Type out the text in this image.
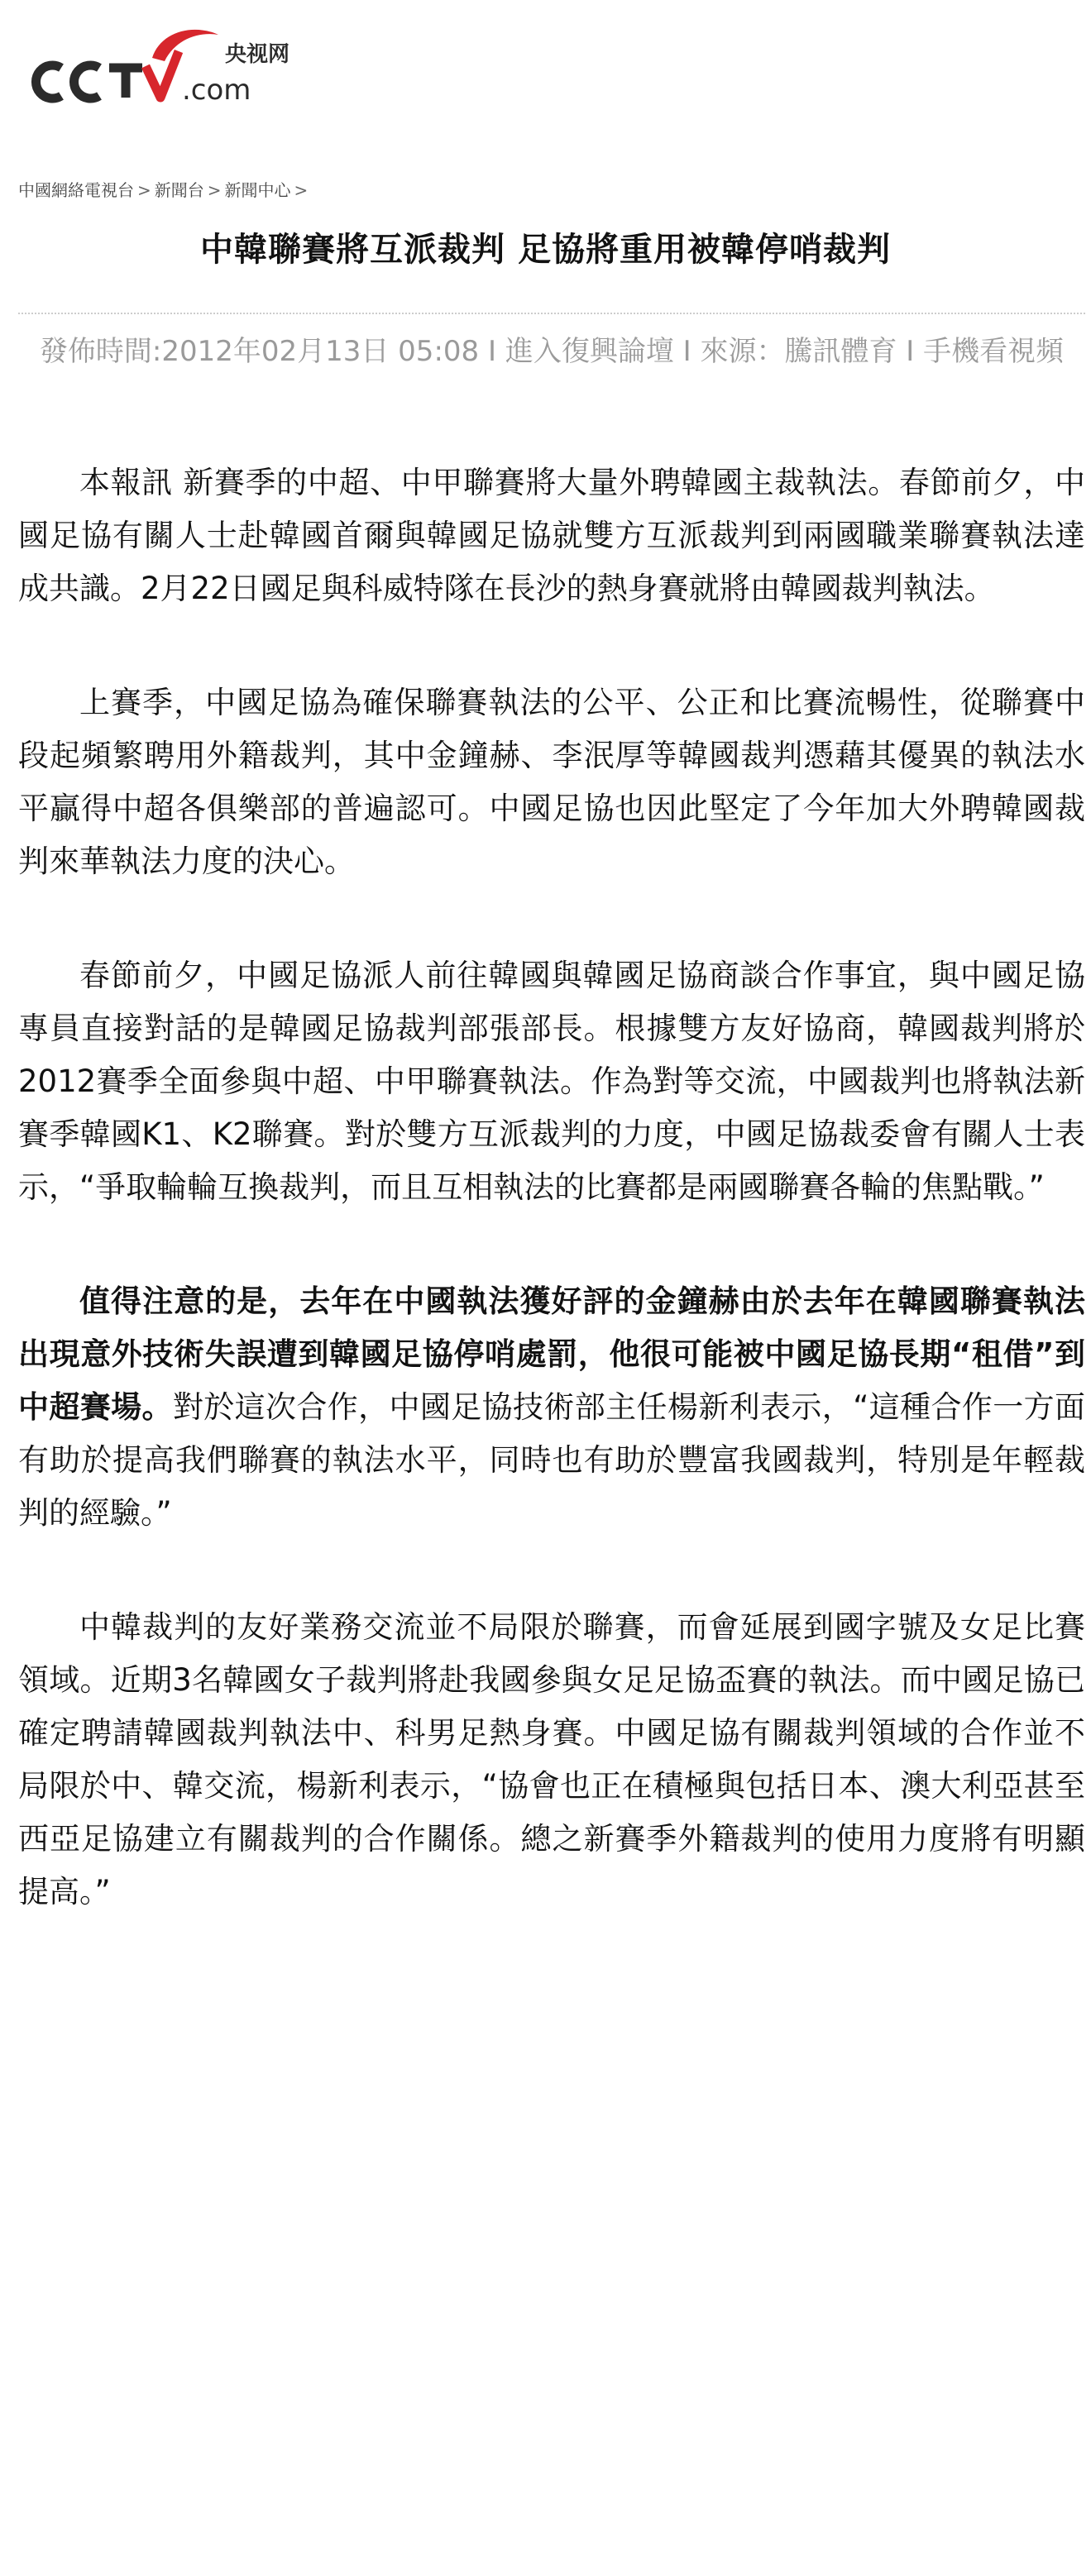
.com
央视网
中國網絡電視台 > 新聞台 > 新聞中心 >
中韓聯賽將互派裁判 足協將重用被韓停哨裁判
發佈時間:2012年02月13日 05:08 I 進入復興論壇 I 來源：騰訊體育 I 手機看視頻

本報訊 新賽季的中超、中甲聯賽將大量外聘韓國主裁執法。春節前夕，中國足協有關人士赴韓國首爾與韓國足協就雙方互派裁判到兩國職業聯賽執法達成共識。2月22日國足與科威特隊在長沙的熱身賽就將由韓國裁判執法。

上賽季，中國足協為確保聯賽執法的公平、公正和比賽流暢性，從聯賽中段起頻繁聘用外籍裁判，其中金鐘赫、李泯厚等韓國裁判憑藉其優異的執法水平贏得中超各俱樂部的普遍認可。中國足協也因此堅定了今年加大外聘韓國裁判來華執法力度的決心。

春節前夕，中國足協派人前往韓國與韓國足協商談合作事宜，與中國足協專員直接對話的是韓國足協裁判部張部長。根據雙方友好協商，韓國裁判將於2012賽季全面參與中超、中甲聯賽執法。作為對等交流，中國裁判也將執法新賽季韓國K1、K2聯賽。對於雙方互派裁判的力度，中國足協裁委會有關人士表示，“爭取輪輪互換裁判，而且互相執法的比賽都是兩國聯賽各輪的焦點戰。”

值得注意的是，去年在中國執法獲好評的金鐘赫由於去年在韓國聯賽執法出現意外技術失誤遭到韓國足協停哨處罰，他很可能被中國足協長期“租借”到中超賽場。對於這次合作，中國足協技術部主任楊新利表示，“這種合作一方面有助於提高我們聯賽的執法水平，同時也有助於豐富我國裁判，特別是年輕裁判的經驗。”

中韓裁判的友好業務交流並不局限於聯賽，而會延展到國字號及女足比賽領域。近期3名韓國女子裁判將赴我國參與女足足協盃賽的執法。而中國足協已確定聘請韓國裁判執法中、科男足熱身賽。中國足協有關裁判領域的合作並不局限於中、韓交流，楊新利表示，“協會也正在積極與包括日本、澳大利亞甚至西亞足協建立有關裁判的合作關係。總之新賽季外籍裁判的使用力度將有明顯提高。”
